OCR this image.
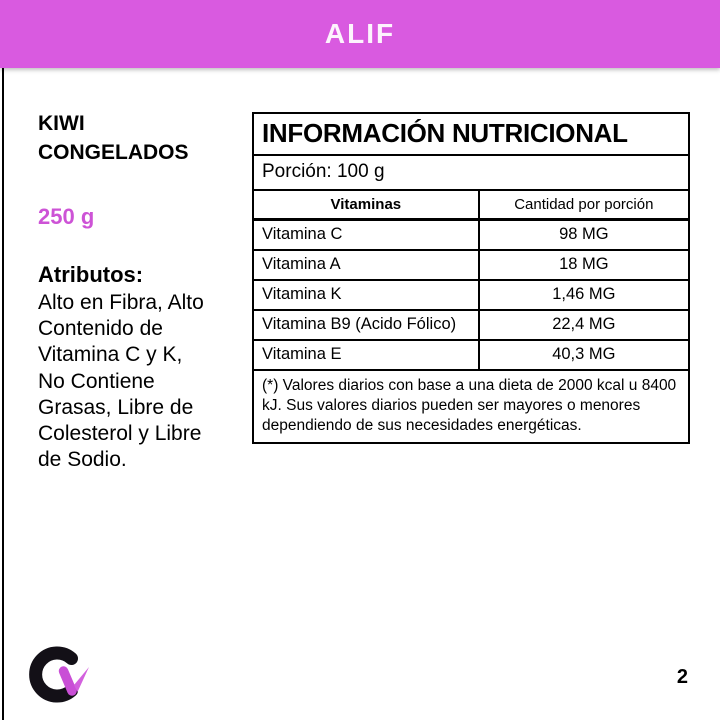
ALIF
KIWI CONGELADOS
250 g
Atributos:
Alto en Fibra, Alto Contenido de Vitamina C y K, No Contiene Grasas, Libre de Colesterol y Libre de Sodio.
INFORMACIÓN NUTRICIONAL
Porción: 100 g
Vitaminas	Cantidad por porción
Vitamina C	98 MG
Vitamina A	18 MG
Vitamina K	1,46 MG
Vitamina B9 (Acido Fólico)	22,4 MG
Vitamina E	40,3 MG
(*) Valores diarios con base a una dieta de 2000 kcal u 8400 kJ. Sus valores diarios pueden ser mayores o menores dependiendo de sus necesidades energéticas.
2
